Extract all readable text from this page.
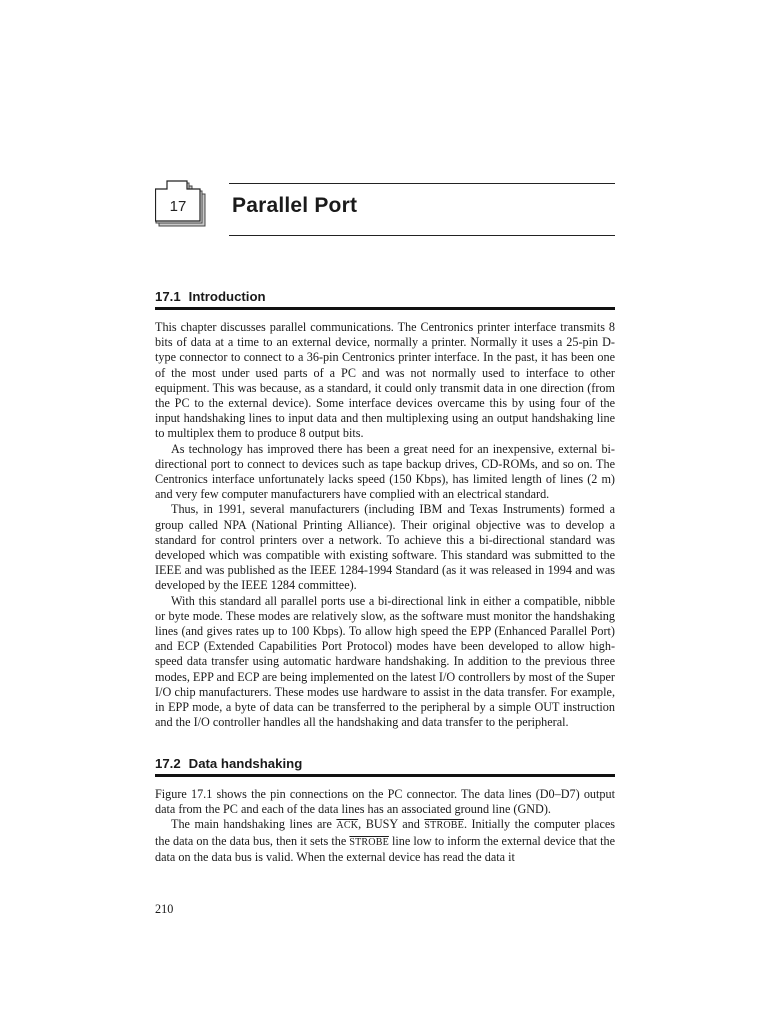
17 Parallel Port
17.1 Introduction

This chapter discusses parallel communications. The Centronics printer interface transmits 8 bits of data at a time to an external device, normally a printer. Normally it uses a 25-pin D-type connector to connect to a 36-pin Centronics printer interface. In the past, it has been one of the most under used parts of a PC and was not normally used to interface to other equipment. This was because, as a standard, it could only transmit data in one direction (from the PC to the external device). Some interface devices overcame this by using four of the input handshaking lines to input data and then multiplexing using an output handshaking line to multiplex them to produce 8 output bits.

As technology has improved there has been a great need for an inexpensive, external bi-directional port to connect to devices such as tape backup drives, CD-ROMs, and so on. The Centronics interface unfortunately lacks speed (150 Kbps), has limited length of lines (2 m) and very few computer manufacturers have complied with an electrical standard.

Thus, in 1991, several manufacturers (including IBM and Texas Instruments) formed a group called NPA (National Printing Alliance). Their original objective was to develop a standard for control printers over a network. To achieve this a bi-directional standard was developed which was compatible with existing software. This standard was submitted to the IEEE and was published as the IEEE 1284-1994 Standard (as it was released in 1994 and was developed by the IEEE 1284 committee).

With this standard all parallel ports use a bi-directional link in either a compatible, nibble or byte mode. These modes are relatively slow, as the software must monitor the handshaking lines (and gives rates up to 100 Kbps). To allow high speed the EPP (Enhanced Parallel Port) and ECP (Extended Capabilities Port Protocol) modes have been developed to allow high-speed data transfer using automatic hardware handshaking. In addition to the previous three modes, EPP and ECP are being implemented on the latest I/O controllers by most of the Super I/O chip manufacturers. These modes use hardware to assist in the data transfer. For example, in EPP mode, a byte of data can be transferred to the peripheral by a simple OUT instruction and the I/O controller handles all the handshaking and data transfer to the peripheral.

17.2 Data handshaking

Figure 17.1 shows the pin connections on the PC connector. The data lines (D0–D7) output data from the PC and each of the data lines has an associated ground line (GND).

The main handshaking lines are $\overline{ACK}$, BUSY and STROBE. Initially the computer places the data on the data bus, then it sets the STROBE line low to inform the external device that the data on the data bus is valid. When the external device has read the data it

210
